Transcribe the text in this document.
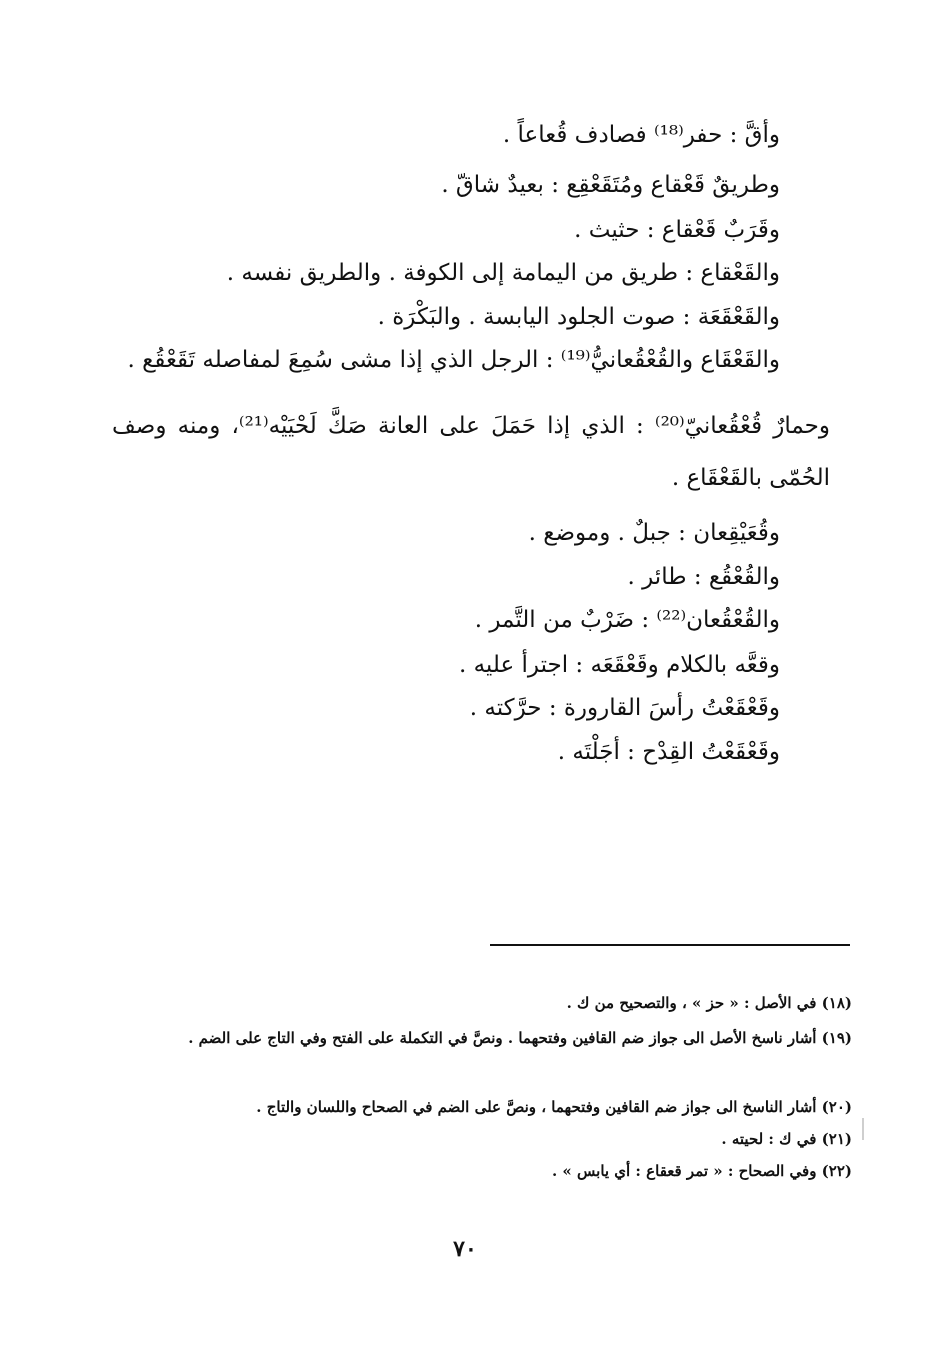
وأقَّ : حفر⁽¹⁸⁾ فصادف قُعاعاً .
وطريقٌ قَعْقاع ومُتَقَعْقِع : بعيدٌ شاقّ .
وقَرَبٌ قَعْقاع : حثيث .
والقَعْقاع : طريق من اليمامة إلى الكوفة . والطريق نفسه .
والقَعْقَعَة : صوت الجلود اليابسة . والبَكْرَة .
والقَعْقَاع والقُعْقُعانيُّ⁽¹⁹⁾ : الرجل الذي إذا مشى سُمِعَ لمفاصله تَقَعْقُع .
وحمارٌ قُعْقُعانيّ⁽²⁰⁾ : الذي إذا حَمَلَ على العانة صَكَّ لَحْيَيْه⁽²¹⁾، ومنه وصف الحُمّى بالقَعْقَاع .
وقُعَيْقِعان : جبلٌ . وموضع .
والقُعْقُع : طائر .
والقُعْقُعان⁽²²⁾ : ضَرْبٌ من التَّمر .
وقعَّه بالكلام وقَعْقَعَه : اجترأ عليه .
وقَعْقَعْتُ رأسَ القارورة : حرَّكته .
وقَعْقَعْتُ القِدْح : أجَلْتَه .
(١٨) في الأصل : « حز » ، والتصحيح من ك .
(١٩) أشار ناسخ الأصل الى جواز ضم القافين وفتحهما . ونصَّ في التكملة على الفتح وفي التاج على الضم .
(٢٠) أشار الناسخ الى جواز ضم القافين وفتحهما ، ونصَّ على الضم في الصحاح واللسان والتاج .
(٢١) في ك : لحيته .
(٢٢) وفي الصحاح : « تمر قعقاع : أي يابس » .
٧٠
